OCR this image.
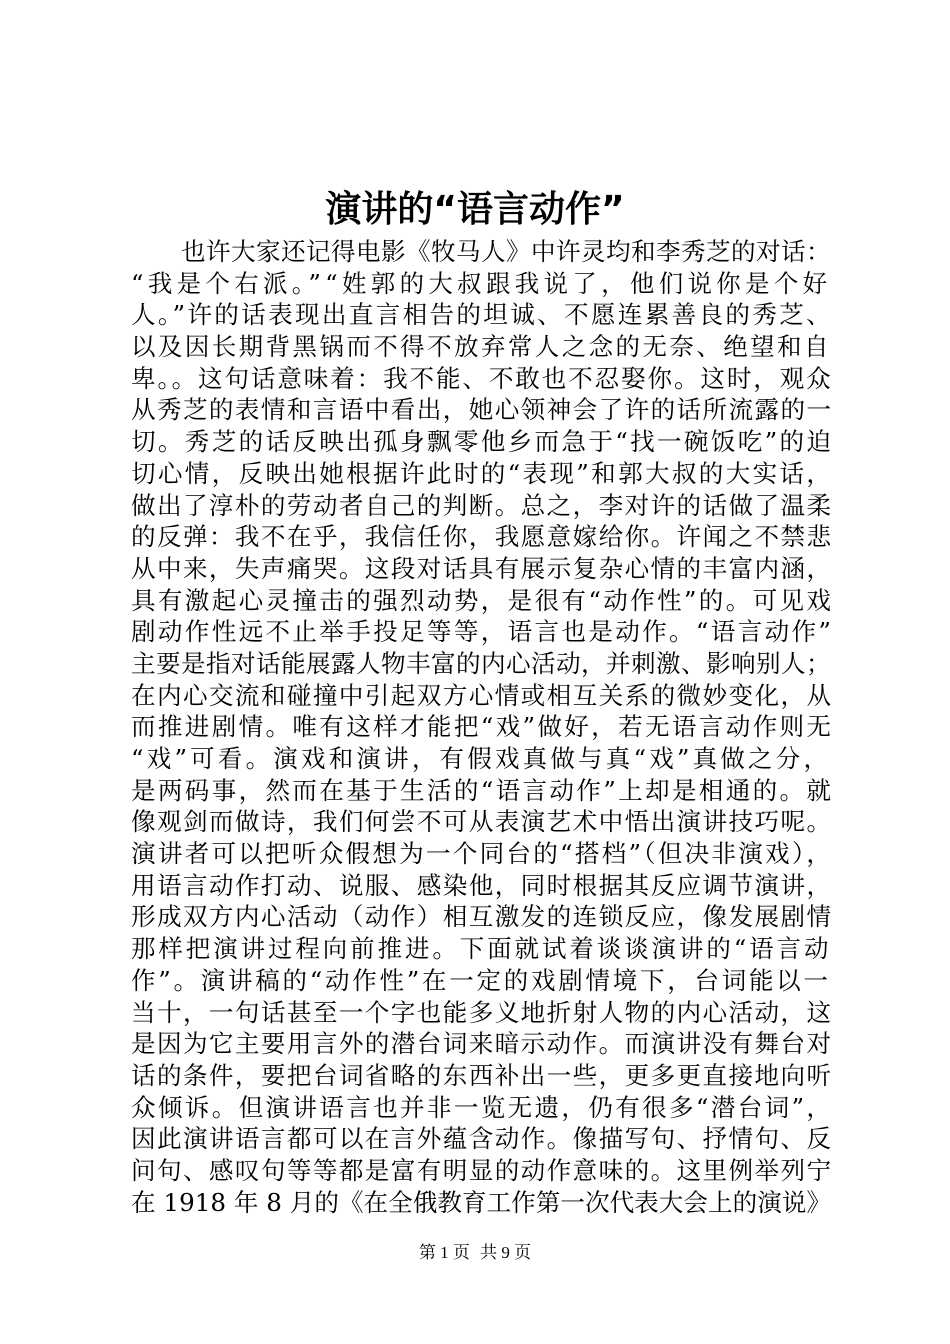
演讲的“语言动作”
　　也许大家还记得电影《牧马人》中许灵均和李秀芝的对话：
“我是个右派。”“姓郭的大叔跟我说了，他们说你是个好
人。”许的话表现出直言相告的坦诚、不愿连累善良的秀芝、
以及因长期背黑锅而不得不放弃常人之念的无奈、绝望和自
卑。。这句话意味着：我不能、不敢也不忍娶你。这时，观众
从秀芝的表情和言语中看出，她心领神会了许的话所流露的一
切。秀芝的话反映出孤身飘零他乡而急于“找一碗饭吃”的迫
切心情，反映出她根据许此时的“表现”和郭大叔的大实话，
做出了淳朴的劳动者自己的判断。总之，李对许的话做了温柔
的反弹：我不在乎，我信任你，我愿意嫁给你。许闻之不禁悲
从中来，失声痛哭。这段对话具有展示复杂心情的丰富内涵，
具有激起心灵撞击的强烈动势，是很有“动作性”的。可见戏
剧动作性远不止举手投足等等，语言也是动作。“语言动作”
主要是指对话能展露人物丰富的内心活动，并刺激、影响别人；
在内心交流和碰撞中引起双方心情或相互关系的微妙变化，从
而推进剧情。唯有这样才能把“戏”做好，若无语言动作则无
“戏”可看。演戏和演讲，有假戏真做与真“戏”真做之分，
是两码事，然而在基于生活的“语言动作”上却是相通的。就
像观剑而做诗，我们何尝不可从表演艺术中悟出演讲技巧呢。
演讲者可以把听众假想为一个同台的“搭档”（但决非演戏），
用语言动作打动、说服、感染他，同时根据其反应调节演讲，
形成双方内心活动（动作）相互激发的连锁反应，像发展剧情
那样把演讲过程向前推进。下面就试着谈谈演讲的“语言动
作”。演讲稿的“动作性”在一定的戏剧情境下，台词能以一
当十，一句话甚至一个字也能多义地折射人物的内心活动，这
是因为它主要用言外的潜台词来暗示动作。而演讲没有舞台对
话的条件，要把台词省略的东西补出一些，更多更直接地向听
众倾诉。但演讲语言也并非一览无遗，仍有很多“潜台词”，
因此演讲语言都可以在言外蕴含动作。像描写句、抒情句、反
问句、感叹句等等都是富有明显的动作意味的。这里例举列宁
在 1918 年 8 月的《在全俄教育工作第一次代表大会上的演说》
第 1 页 共 9 页
